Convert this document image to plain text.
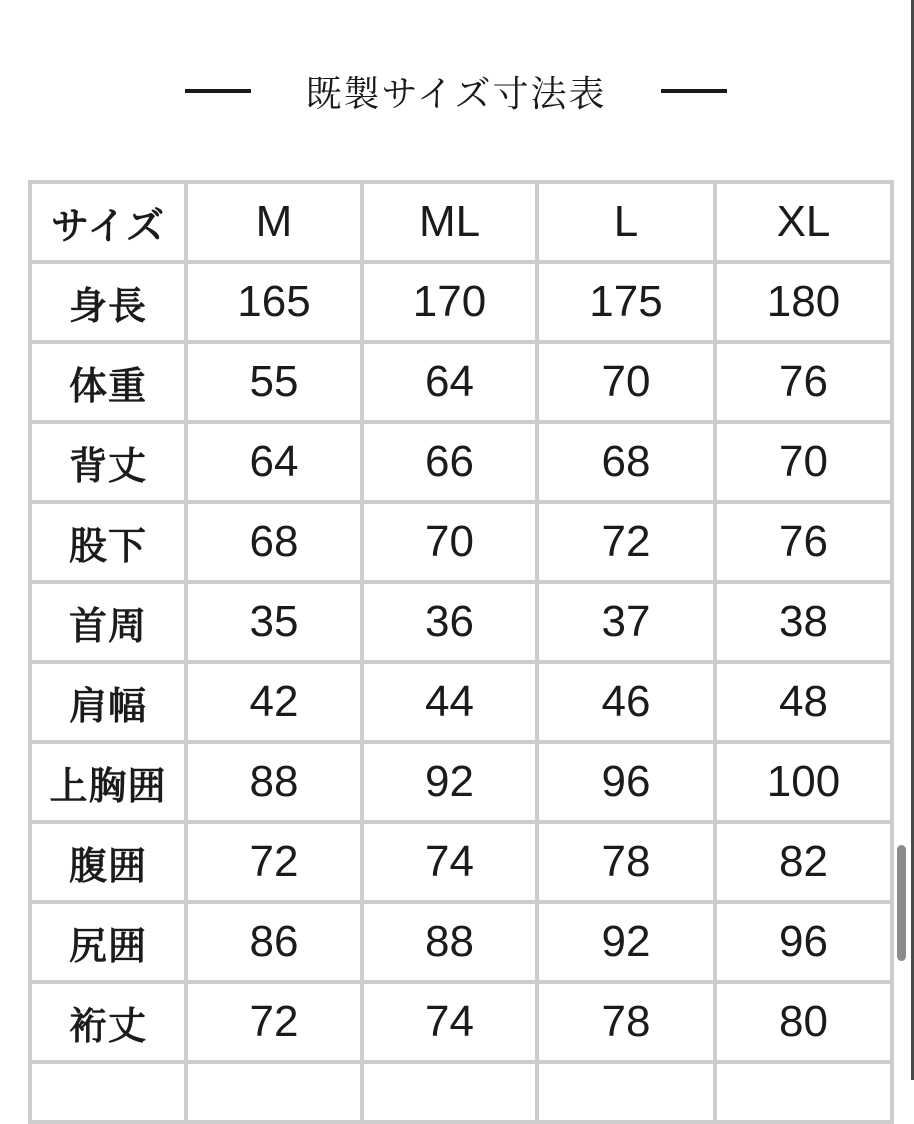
既製サイズ寸法表
サイズ	M	ML	L	XL
身長	165	170	175	180
体重	55	64	70	76
背丈	64	66	68	70
股下	68	70	72	76
首周	35	36	37	38
肩幅	42	44	46	48
上胸囲	88	92	96	100
腹囲	72	74	78	82
尻囲	86	88	92	96
裄丈	72	74	78	80
